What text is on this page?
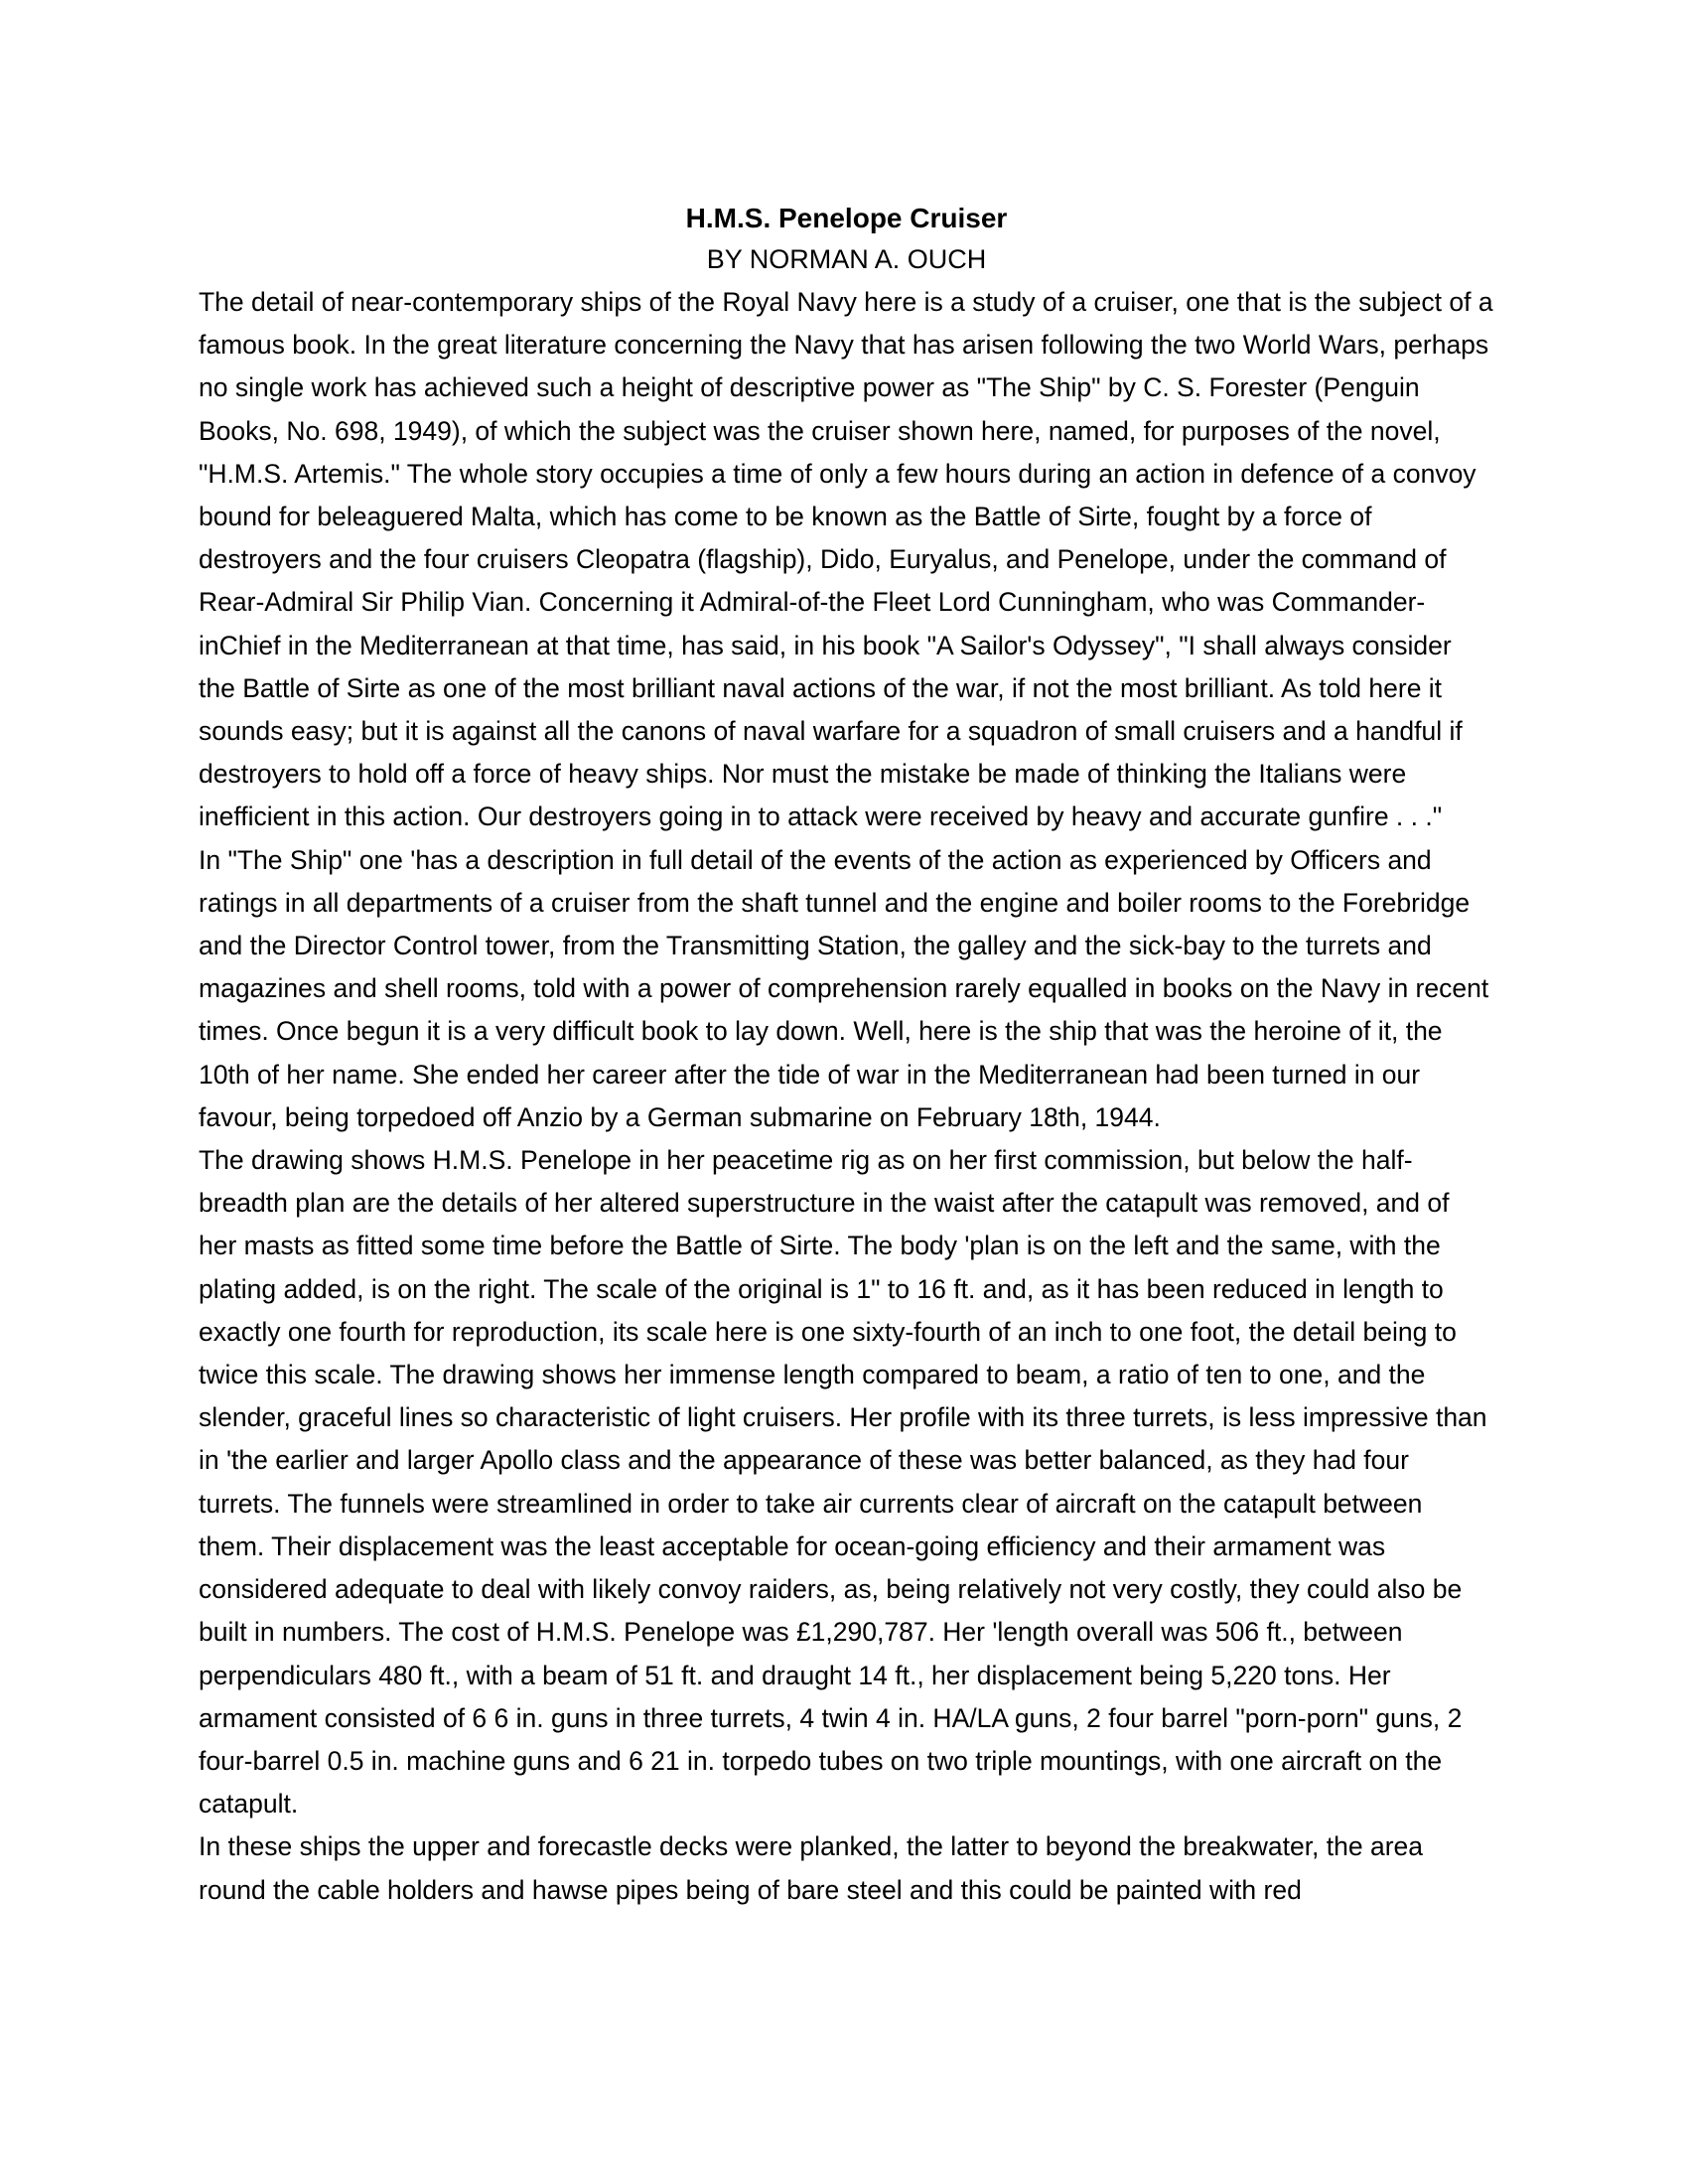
H.M.S. Penelope Cruiser
BY NORMAN A. OUCH

The detail of near-contemporary ships of the Royal Navy here is a study of a cruiser, one that is the subject of a famous book. In the great literature concerning the Navy that has arisen following the two World Wars, perhaps no single work has achieved such a height of descriptive power as "The Ship" by C. S. Forester (Penguin Books, No. 698, 1949), of which the subject was the cruiser shown here, named, for purposes of the novel, "H.M.S. Artemis." The whole story occupies a time of only a few hours during an action in defence of a convoy bound for beleaguered Malta, which has come to be known as the Battle of Sirte, fought by a force of destroyers and the four cruisers Cleopatra (flagship), Dido, Euryalus, and Penelope, under the command of Rear-Admiral Sir Philip Vian. Concerning it Admiral-of-the Fleet Lord Cunningham, who was Commander-inChief in the Mediterranean at that time, has said, in his book "A Sailor's Odyssey", "I shall always consider the Battle of Sirte as one of the most brilliant naval actions of the war, if not the most brilliant. As told here it sounds easy; but it is against all the canons of naval warfare for a squadron of small cruisers and a handful if destroyers to hold off a force of heavy ships. Nor must the mistake be made of thinking the Italians were inefficient in this action. Our destroyers going in to attack were received by heavy and accurate gunfire . . ."

In "The Ship" one 'has a description in full detail of the events of the action as experienced by Officers and ratings in all departments of a cruiser from the shaft tunnel and the engine and boiler rooms to the Forebridge and the Director Control tower, from the Transmitting Station, the galley and the sick-bay to the turrets and magazines and shell rooms, told with a power of comprehension rarely equalled in books on the Navy in recent times. Once begun it is a very difficult book to lay down. Well, here is the ship that was the heroine of it, the 10th of her name. She ended her career after the tide of war in the Mediterranean had been turned in our favour, being torpedoed off Anzio by a German submarine on February 18th, 1944.

The drawing shows H.M.S. Penelope in her peacetime rig as on her first commission, but below the half-breadth plan are the details of her altered superstructure in the waist after the catapult was removed, and of her masts as fitted some time before the Battle of Sirte. The body 'plan is on the left and the same, with the plating added, is on the right. The scale of the original is 1" to 16 ft. and, as it has been reduced in length to exactly one fourth for reproduction, its scale here is one sixty-fourth of an inch to one foot, the detail being to twice this scale. The drawing shows her immense length compared to beam, a ratio of ten to one, and the slender, graceful lines so characteristic of light cruisers. Her profile with its three turrets, is less impressive than in 'the earlier and larger Apollo class and the appearance of these was better balanced, as they had four turrets. The funnels were streamlined in order to take air currents clear of aircraft on the catapult between them. Their displacement was the least acceptable for ocean-going efficiency and their armament was considered adequate to deal with likely convoy raiders, as, being relatively not very costly, they could also be built in numbers. The cost of H.M.S. Penelope was £1,290,787. Her 'length overall was 506 ft., between perpendiculars 480 ft., with a beam of 51 ft. and draught 14 ft., her displacement being 5,220 tons. Her armament consisted of 6 6 in. guns in three turrets, 4 twin 4 in. HA/LA guns, 2 four barrel "porn-porn" guns, 2 four-barrel 0.5 in. machine guns and 6 21 in. torpedo tubes on two triple mountings, with one aircraft on the catapult.

In these ships the upper and forecastle decks were planked, the latter to beyond the breakwater, the area round the cable holders and hawse pipes being of bare steel and this could be painted with red
